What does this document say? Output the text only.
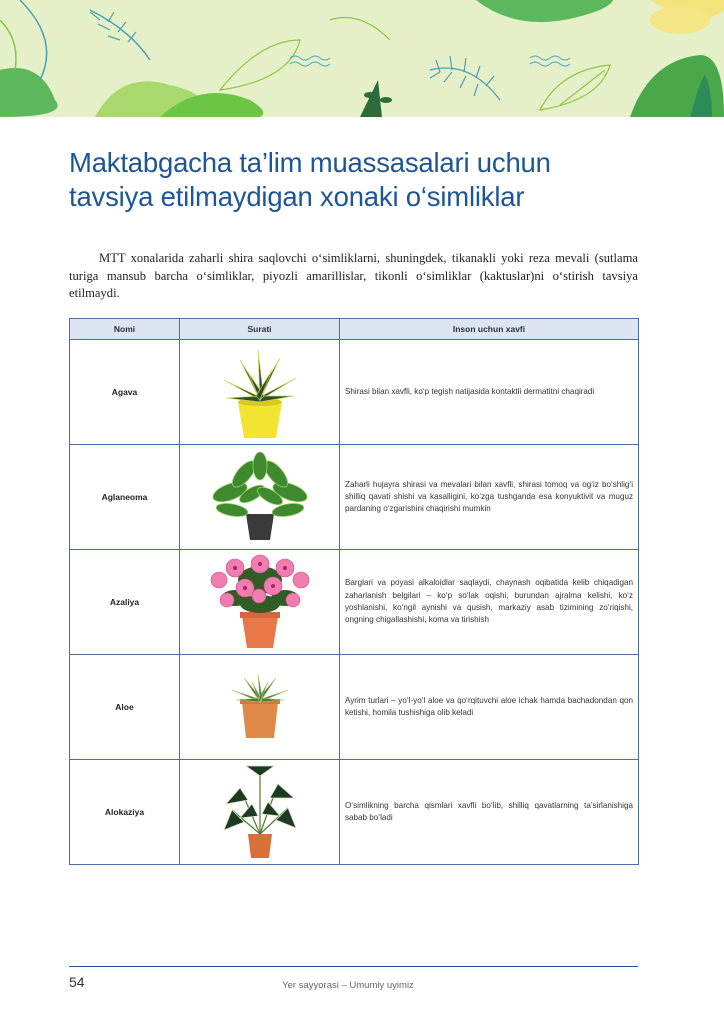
Maktabgacha ta’lim muassasalari uchun
tavsiya etilmaydigan xonaki o‘simliklar

MTT xonalarida zaharli shira saqlovchi o‘simliklarni, shuningdek, tikanakli yoki reza mevali (sutlama turiga mansub barcha o‘simliklar, piyozli amarillislar, tikonli o‘simliklar (kaktuslar)ni o‘stirish tavsiya etilmaydi.

Nomi	Surati	Inson uchun xavfi
Agava		Shirasi bilan xavfli, ko‘p tegish natijasida kontaktli dermatitni chaqiradi
Aglaneoma		Zaharli hujayra shirasi va mevalari bilan xavfli, shirasi tomoq va og‘iz bo‘shlig‘i shilliq qavati shishi va kasalligini, ko‘zga tushganda esa konyuktivit va muguz pardaning o‘zgarishini chaqirishi mumkin
Azaliya		Barglari va poyasi alkaloidlar saqlaydi, chaynash oqibatida kelib chiqadigan zaharlanish belgilari – ko‘p so‘lak oqishi, burundan ajralma kelishi, ko‘z yoshlanishi, ko‘ngil aynishi va qusish, markaziy asab tizimining zo‘riqishi, ongning chigallashishi, koma va tirishish
Aloe		Ayrim turlari – yo‘l-yo‘l aloe va qo‘rqituvchi aloe ichak hamda bachadondan qon ketishi, homila tushishiga olib keladi
Alokaziya		O‘simlikning barcha qismlari xavfli bo‘lib, shilliq qavatlarning ta’sirlanishiga sabab bo‘ladi
54	Yer sayyorasi – Umumiy uyimiz
